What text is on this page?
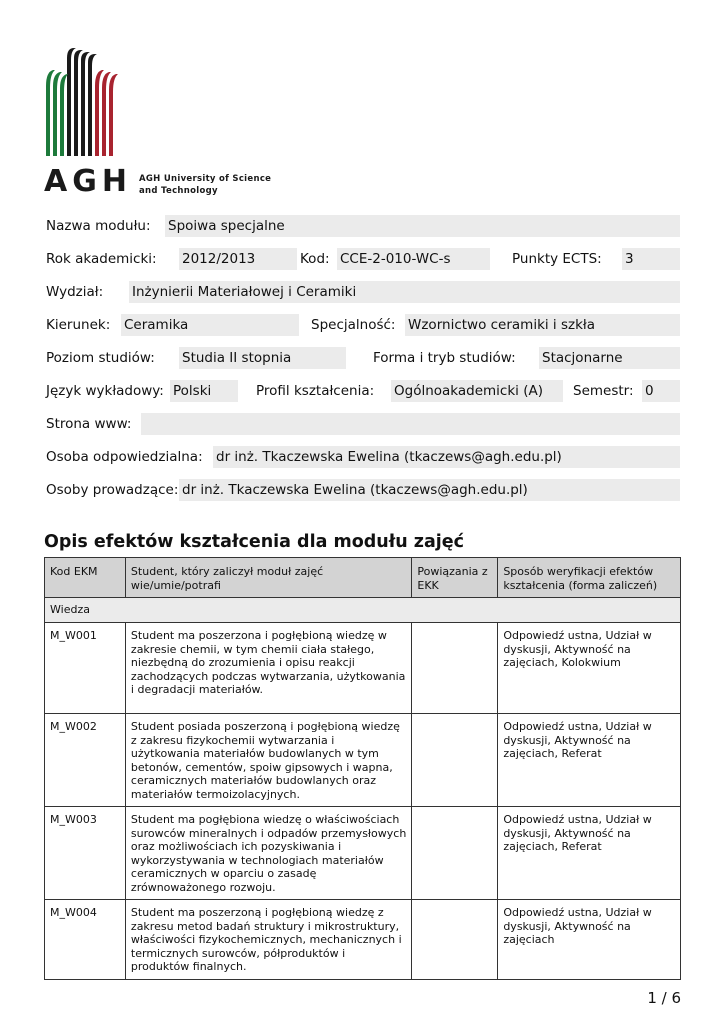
AGH AGH University of Science
and Technology
Nazwa modułu: Spoiwa specjalne
Rok akademicki: 2012/2013	Kod: CCE-2-010-WC-s	Punkty ECTS: 3
Wydział: Inżynierii Materiałowej i Ceramiki
Kierunek: Ceramika	Specjalność: Wzornictwo ceramiki i szkła
Poziom studiów: Studia II stopnia	Forma i tryb studiów: Stacjonarne
Język wykładowy: Polski	Profil kształcenia: Ogólnoakademicki (A)	Semestr: 0
Strona www:
Osoba odpowiedzialna: dr inż. Tkaczewska Ewelina (tkaczews@agh.edu.pl)
Osoby prowadzące: dr inż. Tkaczewska Ewelina (tkaczews@agh.edu.pl)
Opis efektów kształcenia dla modułu zajęć
Kod EKM	Student, który zaliczył moduł zajęć wie/umie/potrafi	Powiązania z EKK	Sposób weryfikacji efektów kształcenia (forma zaliczeń)
Wiedza			
M_W001	Student ma poszerzona i pogłębioną wiedzę w zakresie chemii, w tym chemii ciała stałego, niezbędną do zrozumienia i opisu reakcji zachodzących podczas wytwarzania, użytkowania i degradacji materiałów.		Odpowiedź ustna, Udział w dyskusji, Aktywność na zajęciach, Kolokwium
M_W002	Student posiada poszerzoną i pogłębioną wiedzę z zakresu fizykochemii wytwarzania i użytkowania materiałów budowlanych w tym betonów, cementów, spoiw gipsowych i wapna, ceramicznych materiałów budowlanych oraz materiałów termoizolacyjnych.		Odpowiedź ustna, Udział w dyskusji, Aktywność na zajęciach, Referat
M_W003	Student ma pogłębiona wiedzę o właściwościach surowców mineralnych i odpadów przemysłowych oraz możliwościach ich pozyskiwania i wykorzystywania w technologiach materiałów ceramicznych w oparciu o zasadę zrównoważonego rozwoju.		Odpowiedź ustna, Udział w dyskusji, Aktywność na zajęciach, Referat
M_W004	Student ma poszerzoną i pogłębioną wiedzę z zakresu metod badań struktury i mikrostruktury, właściwości fizykochemicznych, mechanicznych i termicznych surowców, półproduktów i produktów finalnych.		Odpowiedź ustna, Udział w dyskusji, Aktywność na zajęciach
1 / 6
